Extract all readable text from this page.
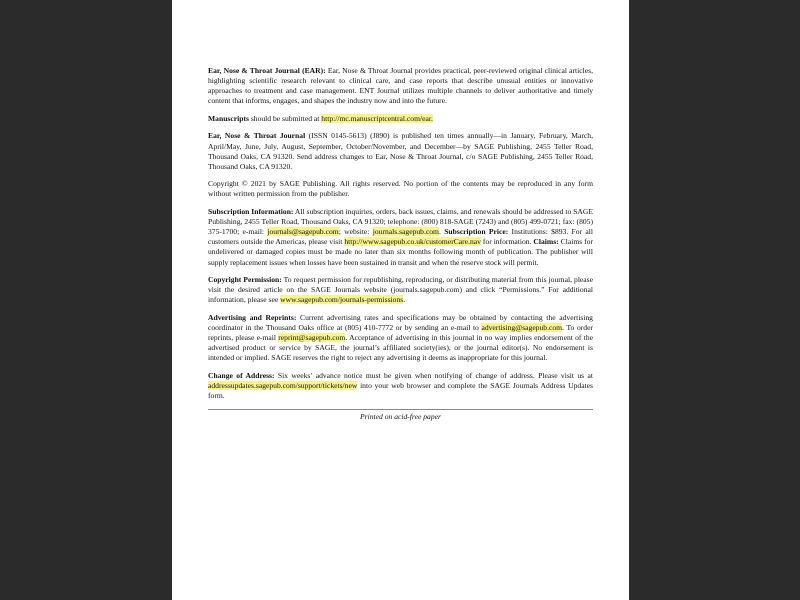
Ear, Nose & Throat Journal (EAR): Ear, Nose & Throat Journal provides practical, peer-reviewed original clinical articles, highlighting scientific research relevant to clinical care, and case reports that describe unusual entities or innovative approaches to treatment and case management. ENT Journal utilizes multiple channels to deliver authoritative and timely content that informs, engages, and shapes the industry now and into the future.

Manuscripts should be submitted at http://mc.manuscriptcentral.com/ear.

Ear, Nose & Throat Journal (ISSN 0145-5613) (J890) is published ten times annually—in January, February, March, April/May, June, July, August, September, October/November, and December—by SAGE Publishing, 2455 Teller Road, Thousand Oaks, CA 91320. Send address changes to Ear, Nose & Throat Journal, c/o SAGE Publishing, 2455 Teller Road, Thousand Oaks, CA 91320.

Copyright © 2021 by SAGE Publishing. All rights reserved. No portion of the contents may be reproduced in any form without written permission from the publisher.

Subscription Information: All subscription inquiries, orders, back issues, claims, and renewals should be addressed to SAGE Publishing, 2455 Teller Road, Thousand Oaks, CA 91320; telephone: (800) 818-SAGE (7243) and (805) 499-0721; fax: (805) 375-1700; e-mail: journals@sagepub.com; website: journals.sagepub.com. Subscription Price: Institutions: $893. For all customers outside the Americas, please visit http://www.sagepub.co.uk/customerCare.nav for information. Claims: Claims for undelivered or damaged copies must be made no later than six months following month of publication. The publisher will supply replacement issues when losses have been sustained in transit and when the reserve stock will permit.

Copyright Permission: To request permission for republishing, reproducing, or distributing material from this journal, please visit the desired article on the SAGE Journals website (journals.sagepub.com) and click “Permissions.” For additional information, please see www.sagepub.com/journals-permissions.

Advertising and Reprints: Current advertising rates and specifications may be obtained by contacting the advertising coordinator in the Thousand Oaks office at (805) 410-7772 or by sending an e-mail to advertising@sagepub.com. To order reprints, please e-mail reprint@sagepub.com. Acceptance of advertising in this journal in no way implies endorsement of the advertised product or service by SAGE, the journal’s affiliated society(ies), or the journal editor(s). No endorsement is intended or implied. SAGE reserves the right to reject any advertising it deems as inappropriate for this journal.

Change of Address: Six weeks’ advance notice must be given when notifying of change of address. Please visit us at addressupdates.sagepub.com/support/tickets/new into your web browser and complete the SAGE Journals Address Updates form.

Printed on acid-free paper
